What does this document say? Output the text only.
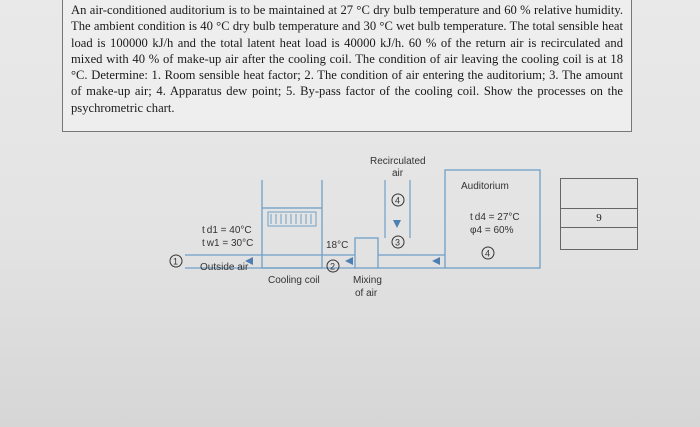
An air-conditioned auditorium is to be maintained at 27 °C dry bulb temperature and 60 % relative humidity. The ambient condition is 40 °C dry bulb temperature and 30 °C wet bulb temperature. The total sensible heat load is 100000 kJ/h and the total latent heat load is 40000 kJ/h. 60 % of the return air is recirculated and mixed with 40 % of make-up air after the cooling coil. The condition of air leaving the cooling coil is at 18 °C. Determine: 1. Room sensible heat factor; 2. The condition of air entering the auditorium; 3. The amount of make-up air; 4. Apparatus dew point; 5. By-pass factor of the cooling coil. Show the processes on the psychrometric chart.

1	2
3
4
4
t d1 = 40°C
t w1 = 30°C
Outside air
Cooling coil
18°C
Mixing
of air
Recirculated
air
Auditorium
t d4 = 27°C
φ4 = 60%
9
